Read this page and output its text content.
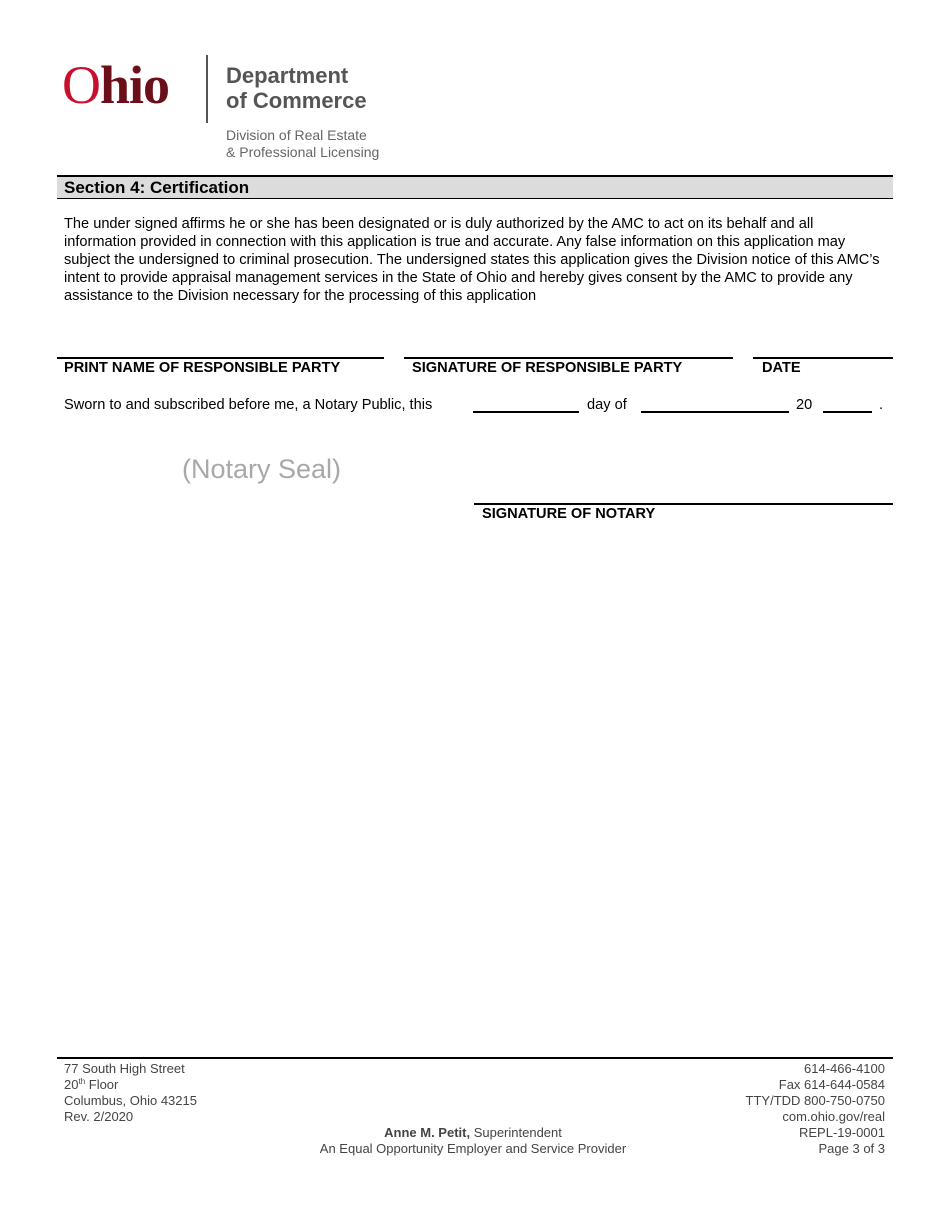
Ohio	Department
of Commerce
Division of Real Estate
& Professional Licensing
Section 4: Certification
The under signed affirms he or she has been designated or is duly authorized by the AMC to act on its behalf and all information provided in connection with this application is true and accurate. Any false information on this application may subject the undersigned to criminal prosecution. The undersigned states this application gives the Division notice of this AMC’s intent to provide appraisal management services in the State of Ohio and hereby gives consent by the AMC to provide any assistance to the Division necessary for the processing of this application
PRINT NAME OF RESPONSIBLE PARTY	SIGNATURE OF RESPONSIBLE PARTY	DATE
Sworn to and subscribed before me, a Notary Public, this	day of	20	.
(Notary Seal)
SIGNATURE OF NOTARY
77 South High Street
20th Floor
Columbus, Ohio 43215
Rev. 2/2020
614-466-4100
Fax 614-644-0584
TTY/TDD 800-750-0750
com.ohio.gov/real
REPL-19-0001
Page 3 of 3
Anne M. Petit, Superintendent
An Equal Opportunity Employer and Service Provider
